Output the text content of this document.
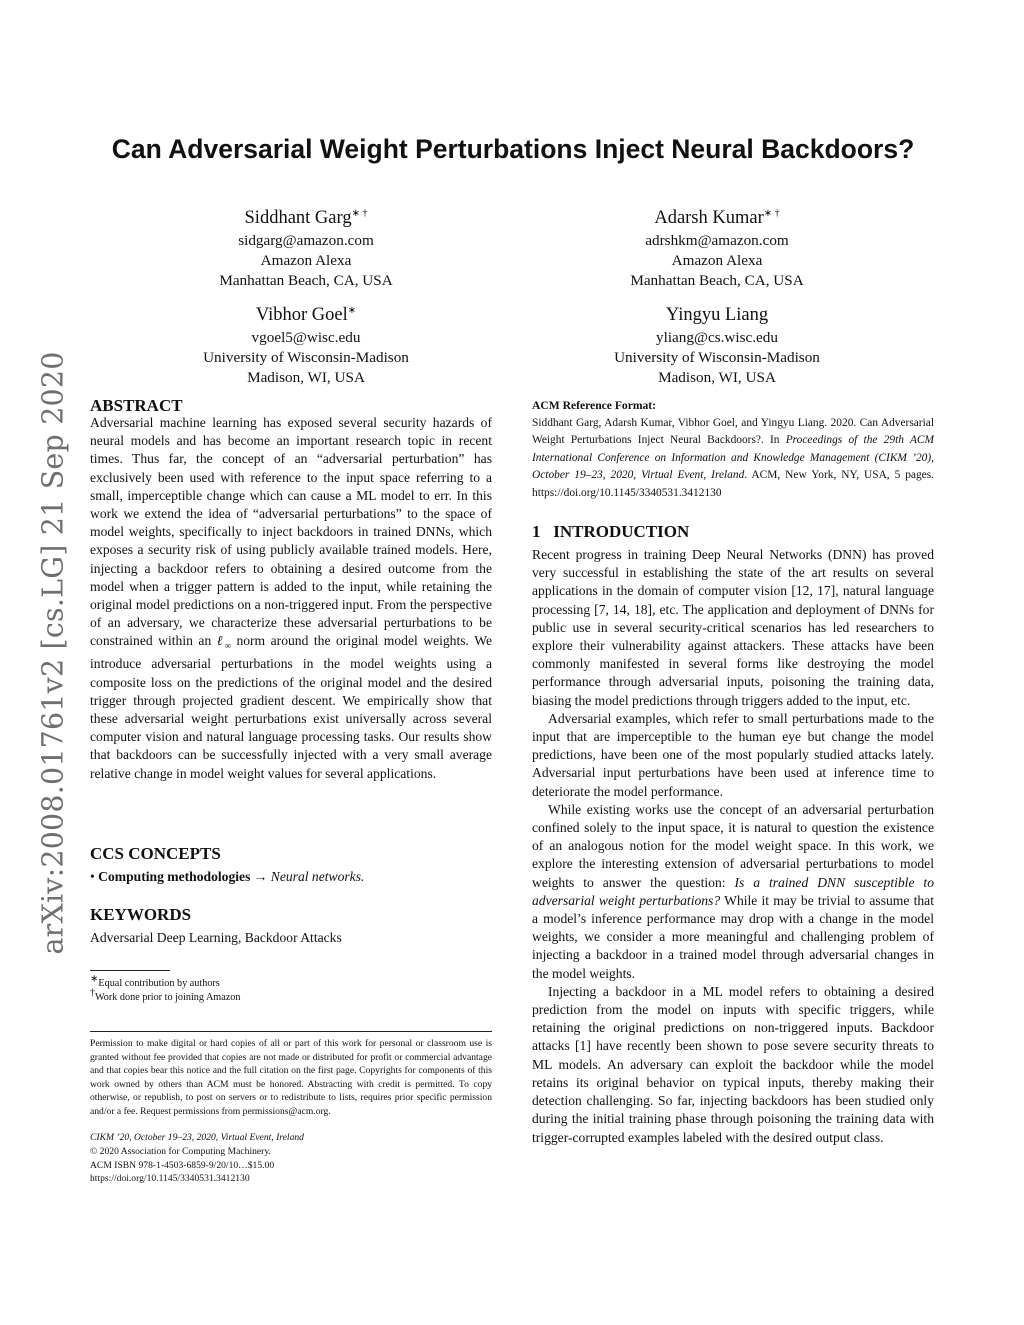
arXiv:2008.01761v2 [cs.LG] 21 Sep 2020
Can Adversarial Weight Perturbations Inject Neural Backdoors?
Siddhant Garg∗ †
sidgarg@amazon.com
Amazon Alexa
Manhattan Beach, CA, USA
Adarsh Kumar∗ †
adrshkm@amazon.com
Amazon Alexa
Manhattan Beach, CA, USA
Vibhor Goel∗
vgoel5@wisc.edu
University of Wisconsin-Madison
Madison, WI, USA
Yingyu Liang
yliang@cs.wisc.edu
University of Wisconsin-Madison
Madison, WI, USA
ABSTRACT

Adversarial machine learning has exposed several security hazards of neural models and has become an important research topic in recent times. Thus far, the concept of an “adversarial perturbation” has exclusively been used with reference to the input space referring to a small, imperceptible change which can cause a ML model to err. In this work we extend the idea of “adversarial perturbations” to the space of model weights, specifically to inject backdoors in trained DNNs, which exposes a security risk of using publicly available trained models. Here, injecting a backdoor refers to obtaining a desired outcome from the model when a trigger pattern is added to the input, while retaining the original model predictions on a non-triggered input. From the perspective of an adversary, we characterize these adversarial perturbations to be constrained within an ℓ$_\infty$ norm around the original model weights. We introduce adversarial perturbations in the model weights using a composite loss on the predictions of the original model and the desired trigger through projected gradient descent. We empirically show that these adversarial weight perturbations exist universally across several computer vision and natural language processing tasks. Our results show that backdoors can be successfully injected with a very small average relative change in model weight values for several applications.

CCS CONCEPTS

• Computing methodologies → Neural networks.

KEYWORDS

Adversarial Deep Learning, Backdoor Attacks

∗Equal contribution by authors
†Work done prior to joining Amazon

Permission to make digital or hard copies of all or part of this work for personal or classroom use is granted without fee provided that copies are not made or distributed for profit or commercial advantage and that copies bear this notice and the full citation on the first page. Copyrights for components of this work owned by others than ACM must be honored. Abstracting with credit is permitted. To copy otherwise, or republish, to post on servers or to redistribute to lists, requires prior specific permission and/or a fee. Request permissions from permissions@acm.org.

CIKM ’20, October 19–23, 2020, Virtual Event, Ireland
© 2020 Association for Computing Machinery.
ACM ISBN 978-1-4503-6859-9/20/10…$15.00
https://doi.org/10.1145/3340531.3412130
ACM Reference Format:

Siddhant Garg, Adarsh Kumar, Vibhor Goel, and Yingyu Liang. 2020. Can Adversarial Weight Perturbations Inject Neural Backdoors?. In Proceedings of the 29th ACM International Conference on Information and Knowledge Management (CIKM ’20), October 19–23, 2020, Virtual Event, Ireland. ACM, New York, NY, USA, 5 pages. https://doi.org/10.1145/3340531.3412130

1 INTRODUCTION

Recent progress in training Deep Neural Networks (DNN) has proved very successful in establishing the state of the art results on several applications in the domain of computer vision [12, 17], natural language processing [7, 14, 18], etc. The application and deployment of DNNs for public use in several security-critical scenarios has led researchers to explore their vulnerability against attackers. These attacks have been commonly manifested in several forms like destroying the model performance through adversarial inputs, poisoning the training data, biasing the model predictions through triggers added to the input, etc.

Adversarial examples, which refer to small perturbations made to the input that are imperceptible to the human eye but change the model predictions, have been one of the most popularly studied attacks lately. Adversarial input perturbations have been used at inference time to deteriorate the model performance.

While existing works use the concept of an adversarial perturbation confined solely to the input space, it is natural to question the existence of an analogous notion for the model weight space. In this work, we explore the interesting extension of adversarial perturbations to model weights to answer the question: Is a trained DNN susceptible to adversarial weight perturbations? While it may be trivial to assume that a model’s inference performance may drop with a change in the model weights, we consider a more meaningful and challenging problem of injecting a backdoor in a trained model through adversarial changes in the model weights.

Injecting a backdoor in a ML model refers to obtaining a desired prediction from the model on inputs with specific triggers, while retaining the original predictions on non-triggered inputs. Backdoor attacks [1] have recently been shown to pose severe security threats to ML models. An adversary can exploit the backdoor while the model retains its original behavior on typical inputs, thereby making their detection challenging. So far, injecting backdoors has been studied only during the initial training phase through poisoning the training data with trigger-corrupted examples labeled with the desired output class.
